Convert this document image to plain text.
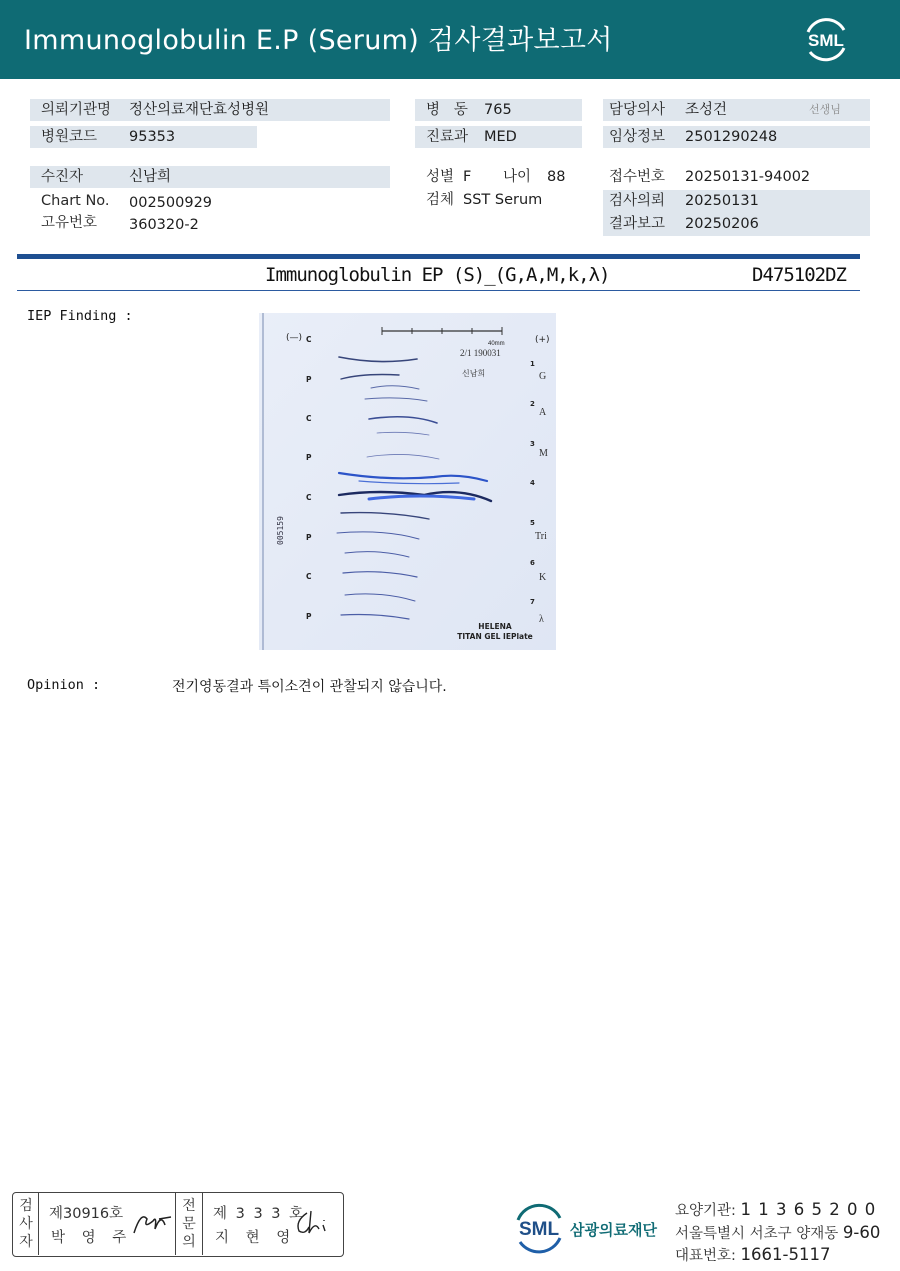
Immunoglobulin E.P (Serum) 검사결과보고서	SML
의뢰기관명 정산의료재단효성병원
병원코드 95353
수진자	신남희
Chart No. 002500929
고유번호 360320-2
병   동 765
진료과 MED
성별 F 나이 88
검체 SST Serum
담당의사 조성건	선생님
임상정보 2501290248
접수번호 20250131-94002
검사의뢰 20250131
결과보고 20250206
Immunoglobulin EP (S)_(G,A,M,k,λ)	D475102DZ
IEP Finding :
40mm
2/1 190031
신남희
(—)	(+)
C
P
C
P
C
P
C
P
1
2
3
4
5
6
7
G
A
M
Tri
K
λ
005159
HELENA
TITAN GEL IEPlate
Opinion :	전기영동결과 특이소견이 관찰되지 않습니다.
검
사
자
제30916호
박 영 주
전
문
의
제 3 3 3 호
지 현 영	SML 삼광의료재단
요양기관: 1 1 3 6 5 2 0 0
서울특별시 서초구 양재동 9-60
대표번호: 1661-5117
